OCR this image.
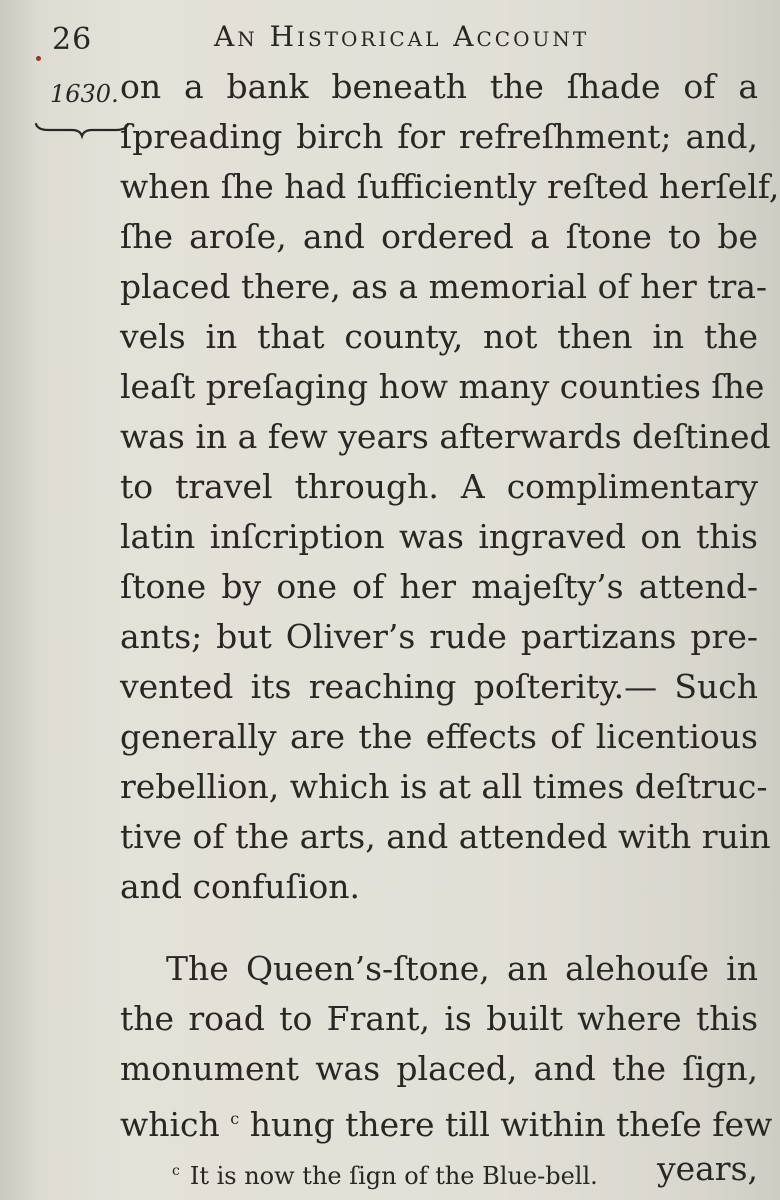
26	An Historical Account
1630. on a bank beneath the ſhade of a
ſpreading birch for refreſhment; and,
when ſhe had ſufficiently reſted herſelf,
ſhe aroſe, and ordered a ſtone to be
placed there, as a memorial of her tra-
vels in that county, not then in the
leaſt preſaging how many counties ſhe
was in a few years afterwards deſtined
to travel through. A complimentary
latin inſcription was ingraved on this
ſtone by one of her majeſty’s attend-
ants; but Oliver’s rude partizans pre-
vented its reaching poſterity.— Such
generally are the effects of licentious
rebellion, which is at all times deſtruc-
tive of the arts, and attended with ruin
and confuſion.
The Queen’s-ſtone, an alehouſe in
the road to Frant, is built where this
monument was placed, and the ſign,
which $^c$ hung there till within theſe few
years,
$^c$ It is now the ſign of the Blue-bell.
